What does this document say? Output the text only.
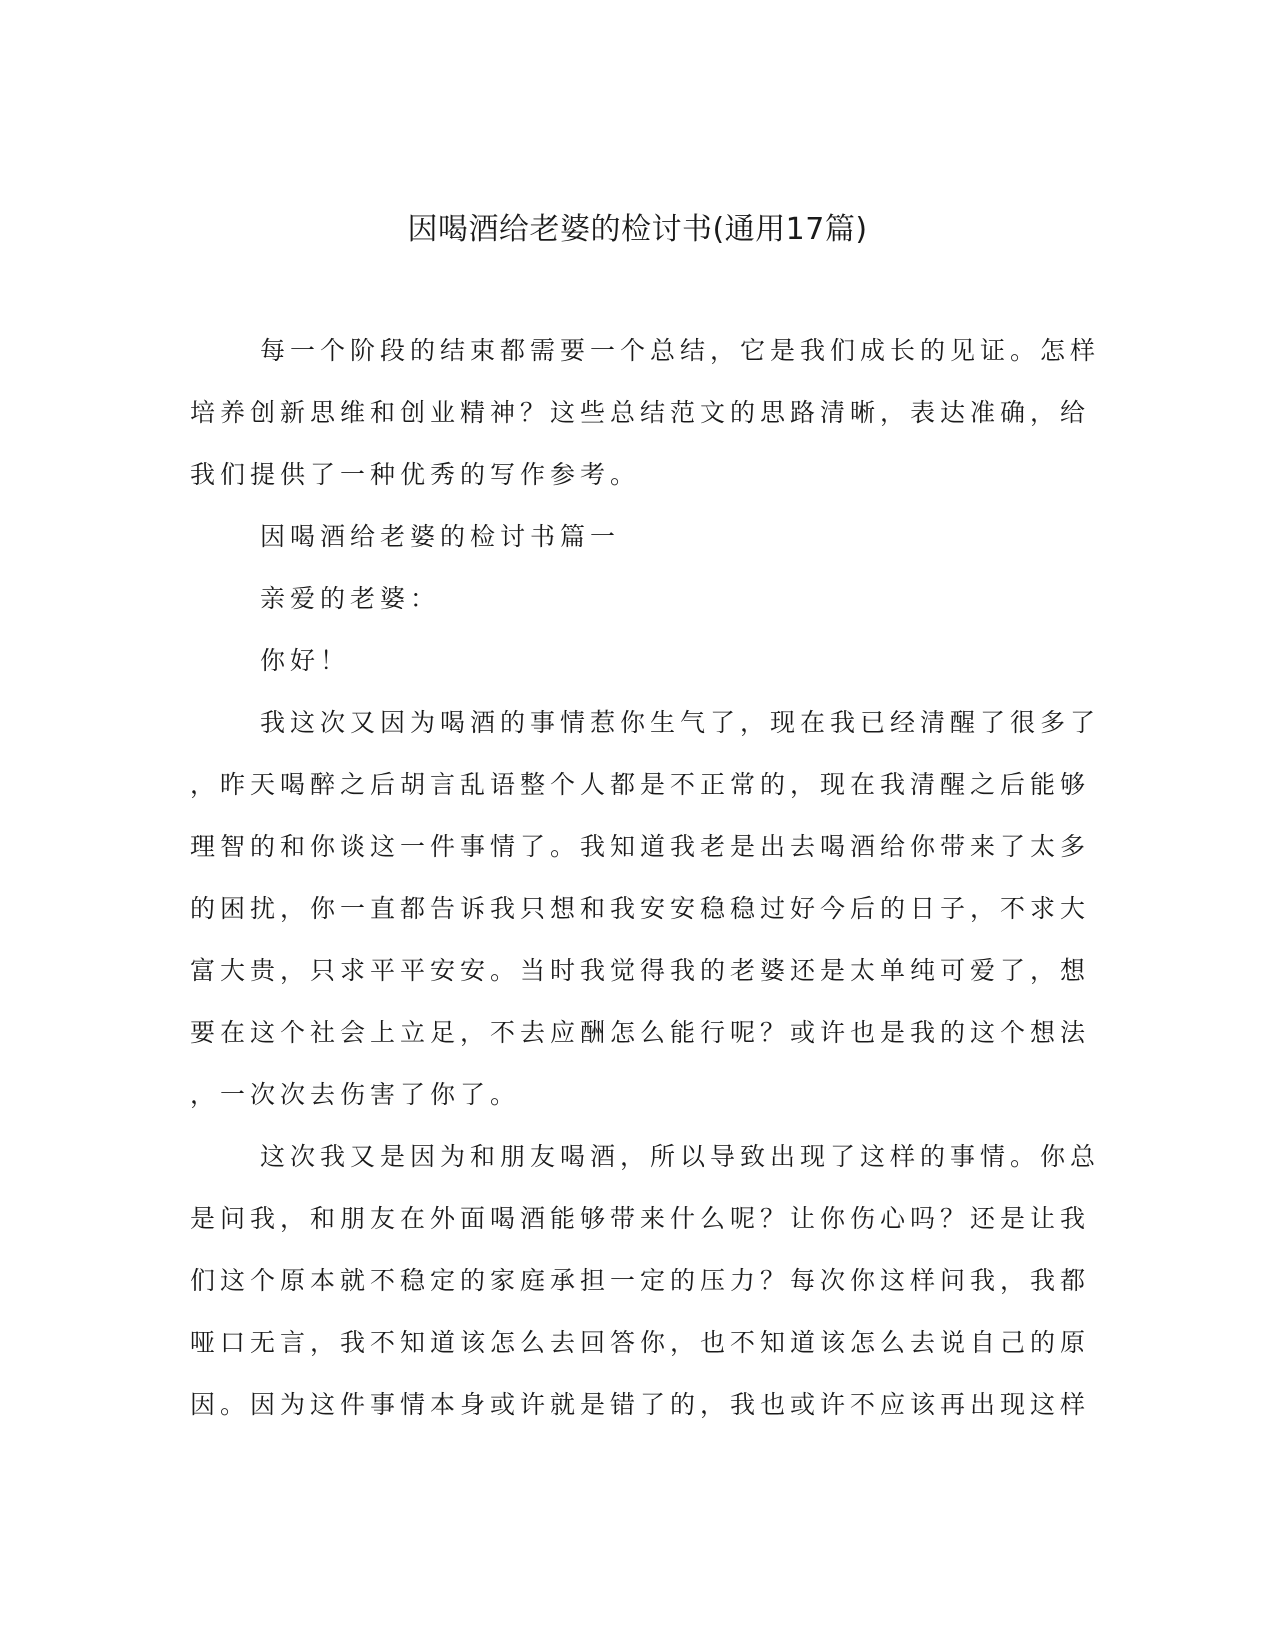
因喝酒给老婆的检讨书(通用17篇)
每一个阶段的结束都需要一个总结，它是我们成长的见证。怎样
培养创新思维和创业精神？这些总结范文的思路清晰，表达准确，给
我们提供了一种优秀的写作参考。
因喝酒给老婆的检讨书篇一
亲爱的老婆：
你好！
我这次又因为喝酒的事情惹你生气了，现在我已经清醒了很多了
，昨天喝醉之后胡言乱语整个人都是不正常的，现在我清醒之后能够
理智的和你谈这一件事情了。我知道我老是出去喝酒给你带来了太多
的困扰，你一直都告诉我只想和我安安稳稳过好今后的日子，不求大
富大贵，只求平平安安。当时我觉得我的老婆还是太单纯可爱了，想
要在这个社会上立足，不去应酬怎么能行呢？或许也是我的这个想法
，一次次去伤害了你了。
这次我又是因为和朋友喝酒，所以导致出现了这样的事情。你总
是问我，和朋友在外面喝酒能够带来什么呢？让你伤心吗？还是让我
们这个原本就不稳定的家庭承担一定的压力？每次你这样问我，我都
哑口无言，我不知道该怎么去回答你，也不知道该怎么去说自己的原
因。因为这件事情本身或许就是错了的，我也或许不应该再出现这样
